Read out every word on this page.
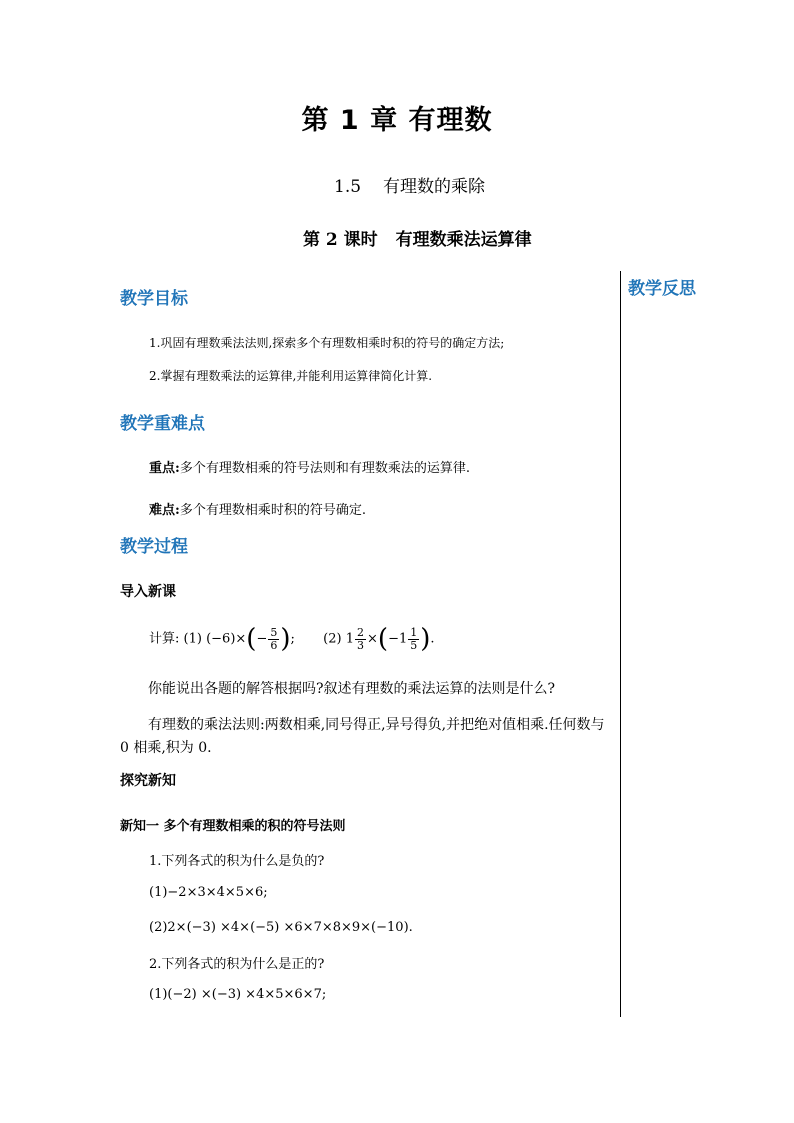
第 1 章 有理数
1.5 有理数的乘除
第 2 课时 有理数乘法运算律
教学反思
教学目标
1.巩固有理数乘法法则,探索多个有理数相乘时积的符号的确定方法;
2.掌握有理数乘法的运算律,并能利用运算律简化计算.
教学重难点
重点:多个有理数相乘的符号法则和有理数乘法的运算律.
难点:多个有理数相乘时积的符号确定.
教学过程
导入新课
计算: (1) $(-6)\times(- \frac{5}{6}$ ); (2) $1 \frac{2}{3} \times(-1 \frac{1}{5}$ ).
你能说出各题的解答根据吗?叙述有理数的乘法运算的法则是什么?
有理数的乘法法则:两数相乘,同号得正,异号得负,并把绝对值相乘.任何数与 0 相乘,积为 0.
探究新知
新知一 多个有理数相乘的积的符号法则
1.下列各式的积为什么是负的?
(1)−2×3×4×5×6;
(2)2×(−3) ×4×(−5) ×6×7×8×9×(−10).
2.下列各式的积为什么是正的?
(1)(−2) ×(−3) ×4×5×6×7;
